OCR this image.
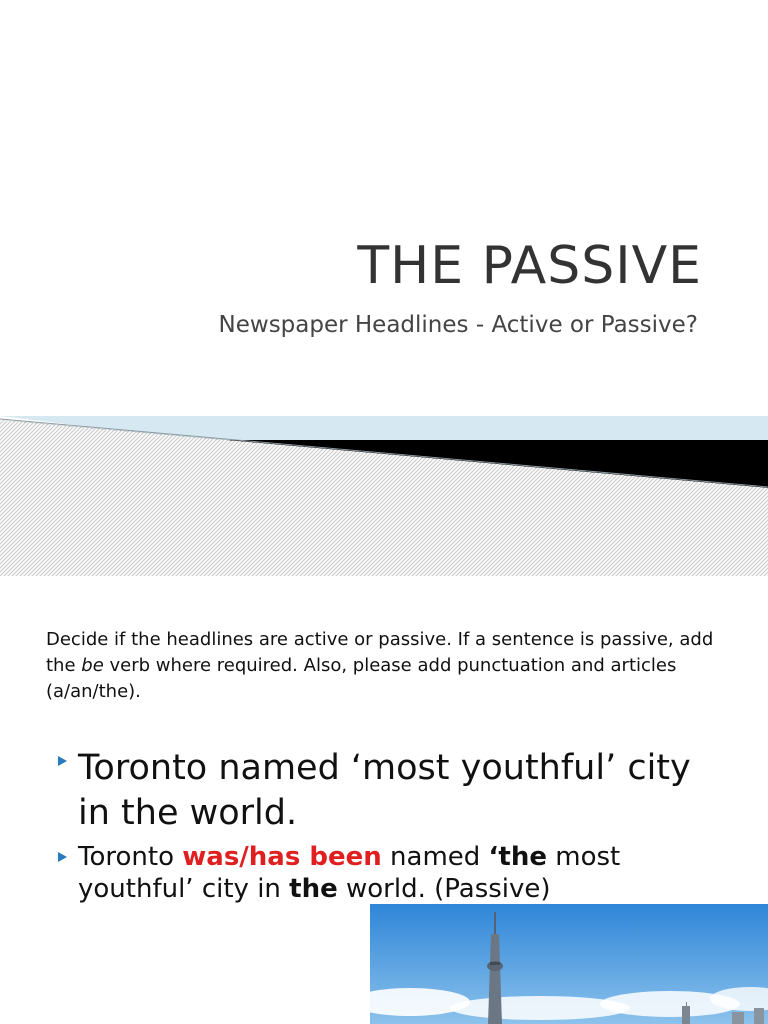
THE PASSIVE
Newspaper Headlines - Active or Passive?

Decide if the headlines are active or passive. If a sentence is passive, add the be verb where required. Also, please add punctuation and articles (a/an/the).

Toronto named ‘most youthful’ city in the world.
Toronto was/has been named ‘the most youthful’ city in the world. (Passive)
